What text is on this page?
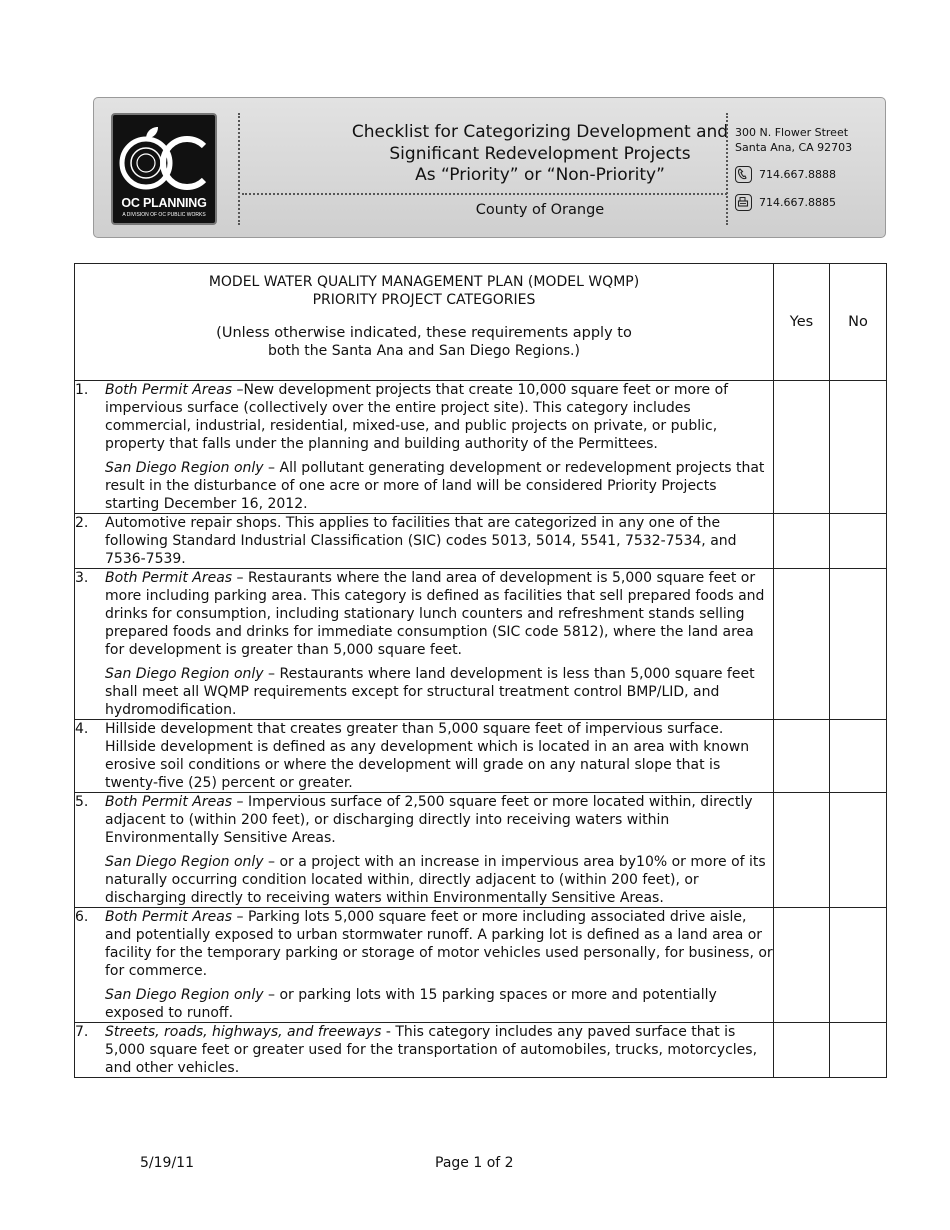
OC PLANNING
A DIVISION OF OC PUBLIC WORKS
Checklist for Categorizing Development and
Significant Redevelopment Projects
As “Priority” or “Non-Priority”
County of Orange
300 N. Flower Street
Santa Ana, CA 92703
714.667.8888
714.667.8885
MODEL WATER QUALITY MANAGEMENT PLAN (MODEL WQMP)
PRIORITY PROJECT CATEGORIES
(Unless otherwise indicated, these requirements apply to
both the Santa Ana and San Diego Regions.)	Yes	No

1. Both Permit Areas –New development projects that create 10,000 square feet or more of impervious surface (collectively over the entire project site). This category includes commercial, industrial, residential, mixed-use, and public projects on private, or public, property that falls under the planning and building authority of the Permittees.
San Diego Region only – All pollutant generating development or redevelopment projects that result in the disturbance of one acre or more of land will be considered Priority Projects starting December 16, 2012.		

2. Automotive repair shops. This applies to facilities that are categorized in any one of the following Standard Industrial Classification (SIC) codes 5013, 5014, 5541, 7532-7534, and 7536-7539.		

3. Both Permit Areas – Restaurants where the land area of development is 5,000 square feet or more including parking area. This category is defined as facilities that sell prepared foods and drinks for consumption, including stationary lunch counters and refreshment stands selling prepared foods and drinks for immediate consumption (SIC code 5812), where the land area for development is greater than 5,000 square feet.
San Diego Region only – Restaurants where land development is less than 5,000 square feet shall meet all WQMP requirements except for structural treatment control BMP/LID, and hydromodification.		

4. Hillside development that creates greater than 5,000 square feet of impervious surface. Hillside development is defined as any development which is located in an area with known erosive soil conditions or where the development will grade on any natural slope that is twenty-five (25) percent or greater.		

5. Both Permit Areas – Impervious surface of 2,500 square feet or more located within, directly adjacent to (within 200 feet), or discharging directly into receiving waters within Environmentally Sensitive Areas.
San Diego Region only – or a project with an increase in impervious area by10% or more of its naturally occurring condition located within, directly adjacent to (within 200 feet), or discharging directly to receiving waters within Environmentally Sensitive Areas.		

6. Both Permit Areas – Parking lots 5,000 square feet or more including associated drive aisle, and potentially exposed to urban stormwater runoff. A parking lot is defined as a land area or facility for the temporary parking or storage of motor vehicles used personally, for business, or for commerce.
San Diego Region only – or parking lots with 15 parking spaces or more and potentially exposed to runoff.		

7. Streets, roads, highways, and freeways - This category includes any paved surface that is 5,000 square feet or greater used for the transportation of automobiles, trucks, motorcycles, and other vehicles.		

5/19/11	Page 1 of 2
